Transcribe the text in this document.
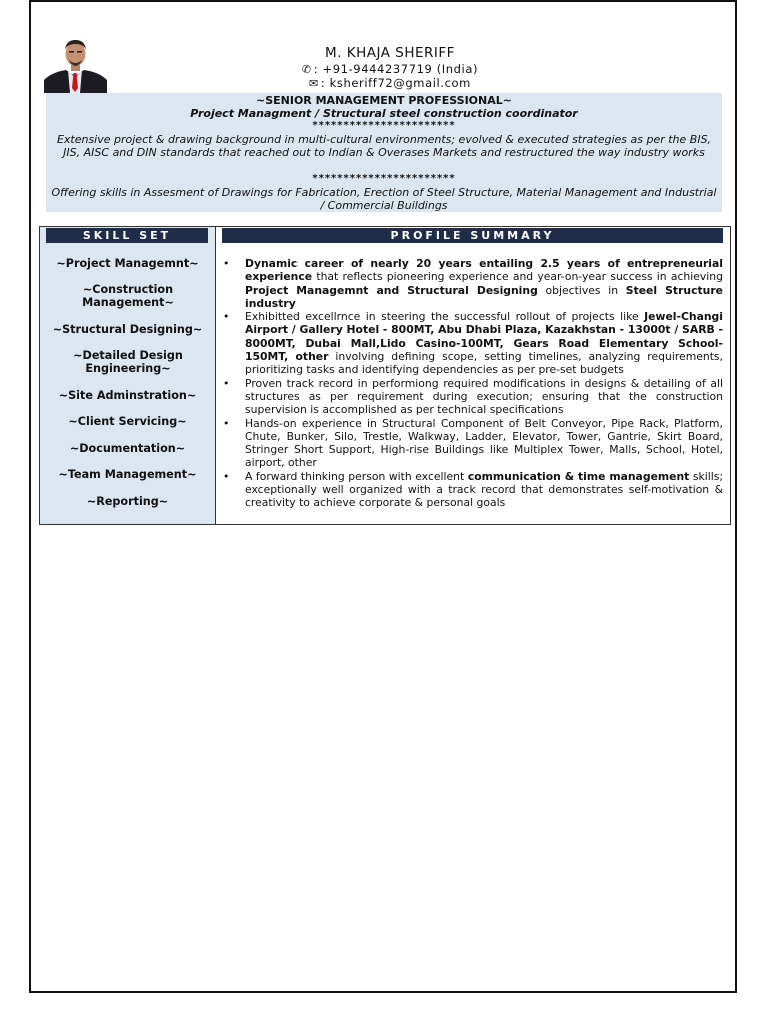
M. KHAJA SHERIFF
✆ : +91-9444237719 (India)
✉ : ksheriff72@gmail.com
~SENIOR MANAGEMENT PROFESSIONAL~
Project Managment / Structural steel construction coordinator
***********************
Extensive project & drawing background in multi-cultural environments; evolved & executed strategies as per the BIS, JIS, AISC and DIN standards that reached out to Indian & Overases Markets and restructured the way industry works
***********************
Offering skills in Assesment of Drawings for Fabrication, Erection of Steel Structure, Material Management and Industrial / Commercial Buildings
SKILL SET
~Project Managemnt~
~Construction Management~
~Structural Designing~
~Detailed Design Engineering~
~Site Adminstration~
~Client Servicing~
~Documentation~
~Team Management~
~Reporting~
PROFILE SUMMARY
• Dynamic career of nearly 20 years entailing 2.5 years of entrepreneurial experience that reflects pioneering experience and year-on-year success in achieving Project Managemnt and Structural Designing objectives in Steel Structure industry
• Exhibitted excellrnce in steering the successful rollout of projects like Jewel-Changi Airport / Gallery Hotel - 800MT, Abu Dhabi Plaza, Kazakhstan - 13000t / SARB - 8000MT, Dubai Mall,Lido Casino-100MT, Gears Road Elementary School-150MT, other involving defining scope, setting timelines, analyzing requirements, prioritizing tasks and identifying dependencies as per pre-set budgets
• Proven track record in performiong required modifications in designs & detailing of all structures as per requirement during execution; ensuring that the construction supervision is accomplished as per technical specifications
• Hands-on experience in Structural Component of Belt Conveyor, Pipe Rack, Platform, Chute, Bunker, Silo, Trestle, Walkway, Ladder, Elevator, Tower, Gantrie, Skirt Board, Stringer Short Support, High-rise Buildings like Multiplex Tower, Malls, School, Hotel, airport, other
• A forward thinking person with excellent communication & time management skills; exceptionally well organized with a track record that demonstrates self-motivation & creativity to achieve corporate & personal goals
